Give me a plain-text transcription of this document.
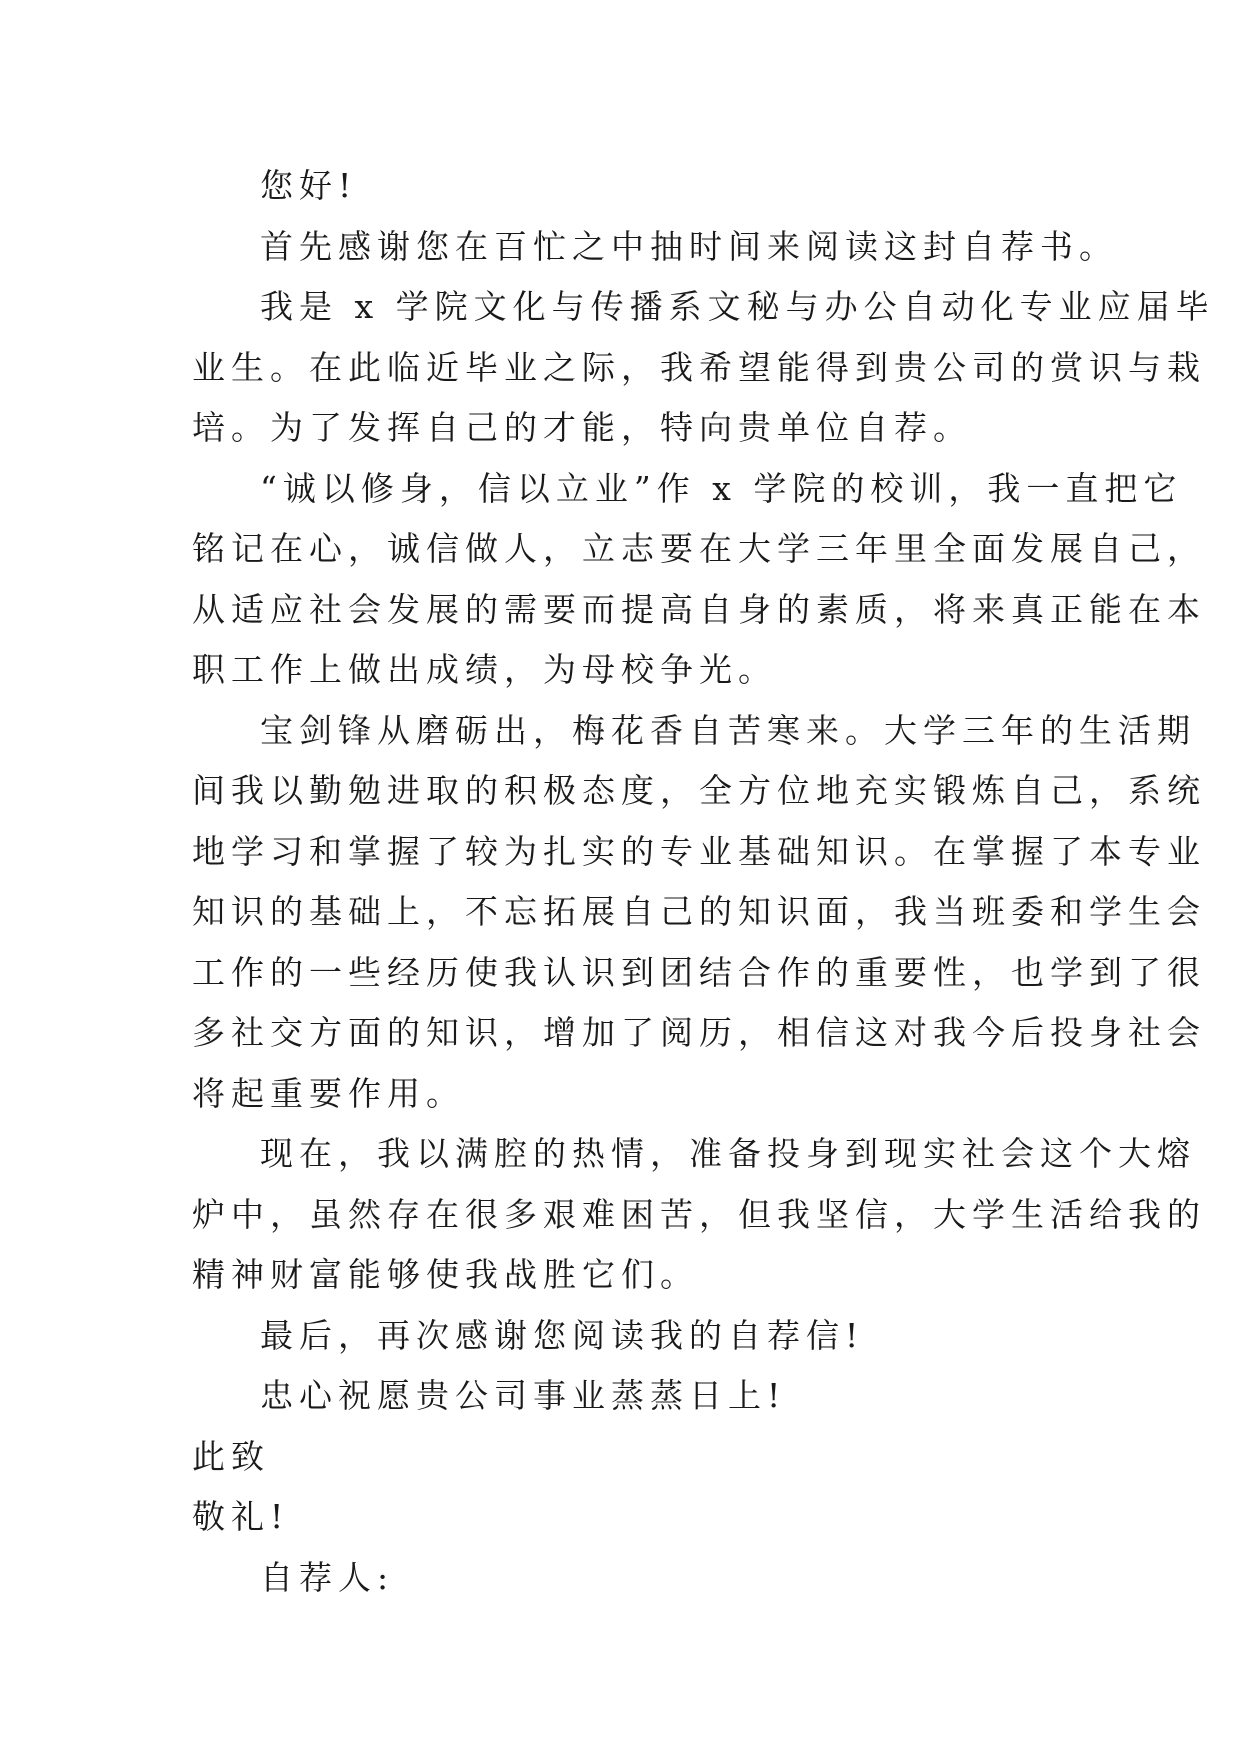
您好!

首先感谢您在百忙之中抽时间来阅读这封自荐书。

我是 x 学院文化与传播系文秘与办公自动化专业应届毕

业生。在此临近毕业之际，我希望能得到贵公司的赏识与栽

培。为了发挥自己的才能，特向贵单位自荐。

“诚以修身，信以立业”作 x 学院的校训，我一直把它

铭记在心，诚信做人，立志要在大学三年里全面发展自己，

从适应社会发展的需要而提高自身的素质，将来真正能在本

职工作上做出成绩，为母校争光。

宝剑锋从磨砺出，梅花香自苦寒来。大学三年的生活期

间我以勤勉进取的积极态度，全方位地充实锻炼自己，系统

地学习和掌握了较为扎实的专业基础知识。在掌握了本专业

知识的基础上，不忘拓展自己的知识面，我当班委和学生会

工作的一些经历使我认识到团结合作的重要性，也学到了很

多社交方面的知识，增加了阅历，相信这对我今后投身社会

将起重要作用。

现在，我以满腔的热情，准备投身到现实社会这个大熔

炉中，虽然存在很多艰难困苦，但我坚信，大学生活给我的

精神财富能够使我战胜它们。

最后，再次感谢您阅读我的自荐信!

忠心祝愿贵公司事业蒸蒸日上!

此致

敬礼!

自荐人:
